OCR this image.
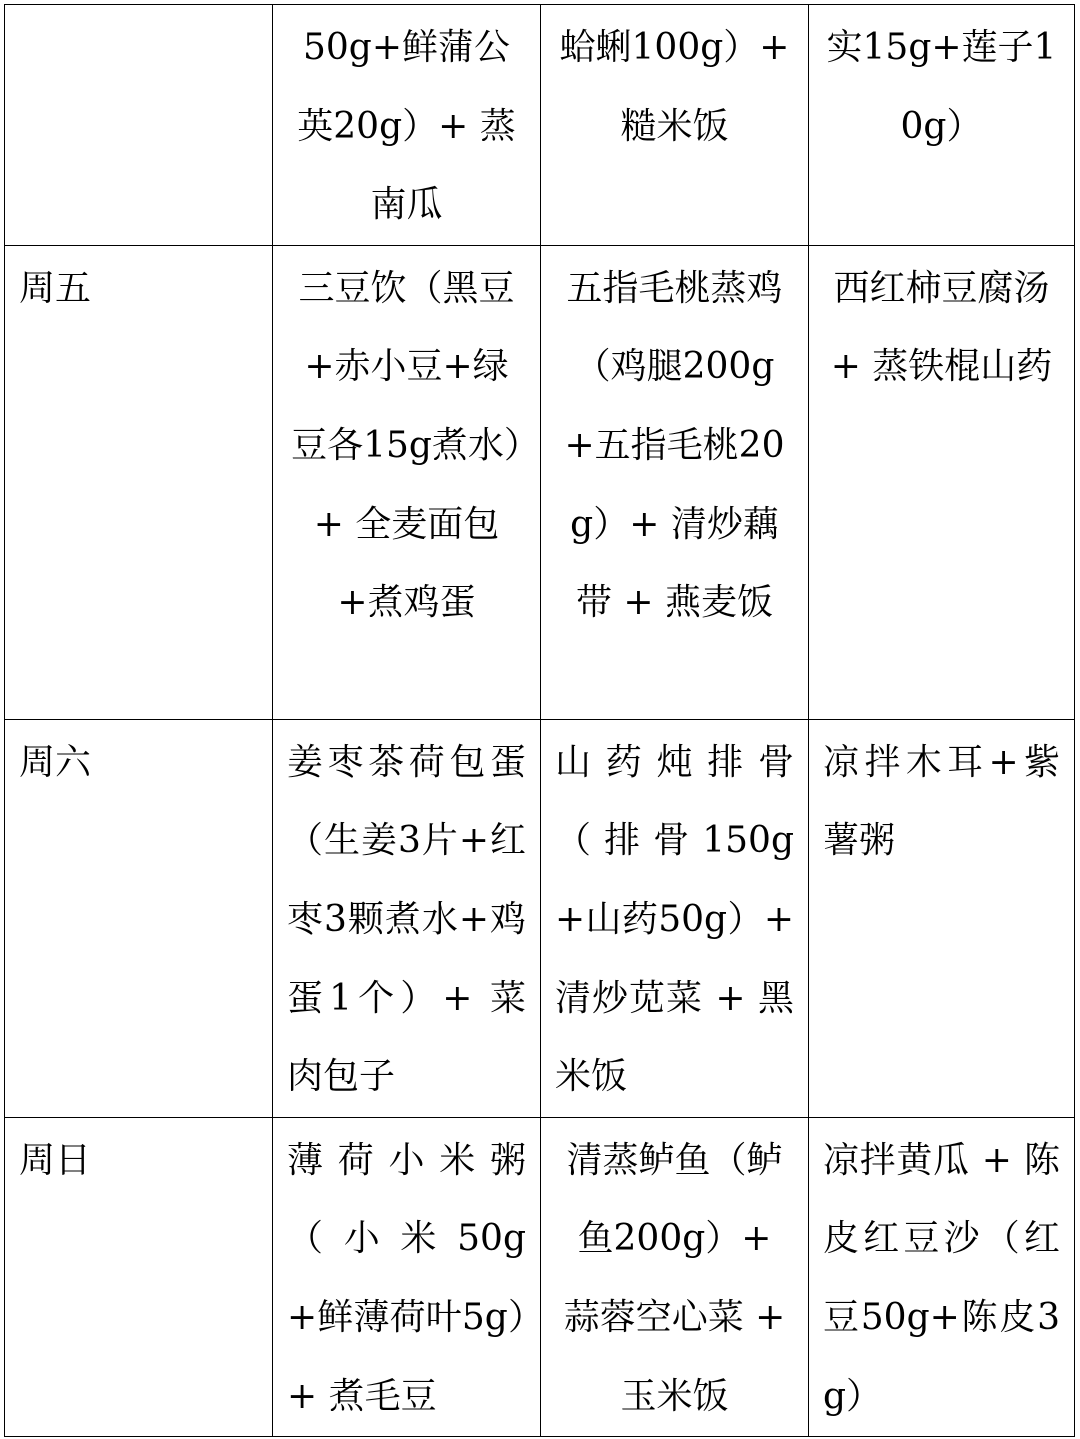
	50g+鲜蒲公英20g）+ 蒸南瓜	蛤蜊100g）+ 糙米饭	实15g+莲子10g）

周五	三豆饮（黑豆+赤小豆+绿豆各15g煮水）+ 全麦面包+煮鸡蛋	五指毛桃蒸鸡（鸡腿200g+五指毛桃20g）+ 清炒藕带 + 燕麦饭	西红柿豆腐汤 + 蒸铁棍山药

周六	姜枣茶荷包蛋（生姜3片+红枣3颗煮水+鸡蛋1个）+ 菜肉包子	山药炖排骨（排骨150g+山药50g）+ 清炒苋菜 + 黑米饭	凉拌木耳+紫薯粥

周日	薄荷小米粥（小米50g+鲜薄荷叶5g）+ 煮毛豆	清蒸鲈鱼（鲈鱼200g）+ 蒜蓉空心菜 + 玉米饭	凉拌黄瓜 + 陈皮红豆沙（红豆50g+陈皮3g）
